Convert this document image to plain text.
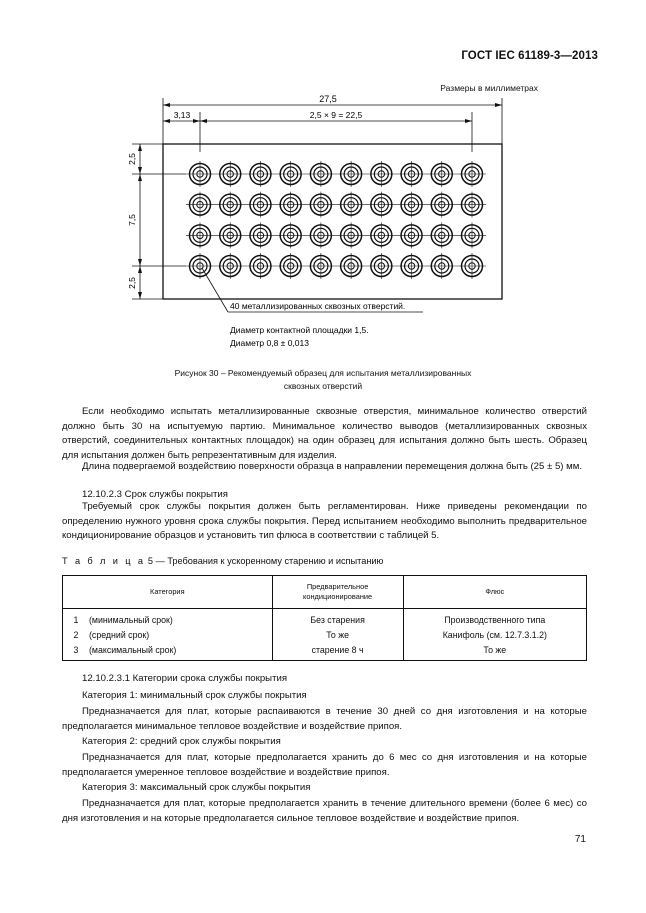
ГОСТ IEC 61189-3—2013
Размеры в миллиметрах
27,5
3,13	2,5 × 9 = 22,5
2,5
7,5
2,5
40 металлизированных сквозных отверстий.
Диаметр контактной площадки 1,5.
Диаметр 0,8 ± 0,013
Рисунок 30 – Рекомендуемый образец для испытания металлизированных
сквозных отверстий
Если необходимо испытать металлизированные сквозные отверстия, минимальное количество отверстий должно быть 30 на испытуемую партию. Минимальное количество выводов (металлизированных сквозных отверстий, соединительных контактных площадок) на один образец для испытания должно быть шесть. Образец для испытания должен быть репрезентативным для изделия.
Длина подвергаемой воздействию поверхности образца в направлении перемещения должна быть (25 ± 5) мм.
12.10.2.3 Срок службы покрытия
Требуемый срок службы покрытия должен быть регламентирован. Ниже приведены рекомендации по определению нужного уровня срока службы покрытия. Перед испытанием необходимо выполнить предварительное кондиционирование образцов и установить тип флюса в соответствии с таблицей 5.
Т а б л и ц а 5 — Требования к ускоренному старению и испытанию
Категория	Предварительное кондиционирование	Флюс
1 (минимальный срок)	Без старения	Производственного типа
2 (средний срок)	То же	Канифоль (см. 12.7.3.1.2)
3 (максимальный срок)	старение 8 ч	То же
12.10.2.3.1 Категории срока службы покрытия
Категория 1: минимальный срок службы покрытия
Предназначается для плат, которые распаиваются в течение 30 дней со дня изготовления и на которые предполагается минимальное тепловое воздействие и воздействие припоя.
Категория 2: средний срок службы покрытия
Предназначается для плат, которые предполагается хранить до 6 мес со дня изготовления и на которые предполагается умеренное тепловое воздействие и воздействие припоя.
Категория 3: максимальный срок службы покрытия
Предназначается для плат, которые предполагается хранить в течение длительного времени (более 6 мес) со дня изготовления и на которые предполагается сильное тепловое воздействие и воздействие припоя.
71
